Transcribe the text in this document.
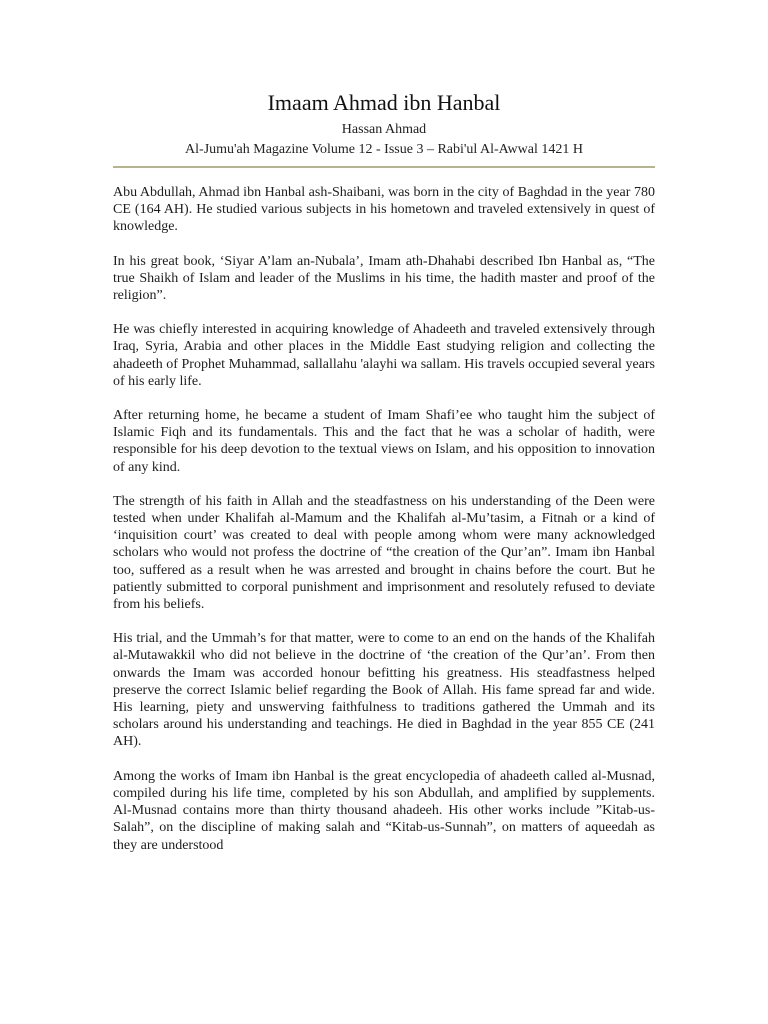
Imaam Ahmad ibn Hanbal

Hassan Ahmad

Al-Jumu'ah Magazine Volume 12 - Issue 3 – Rabi'ul Al-Awwal 1421 H

Abu Abdullah, Ahmad ibn Hanbal ash-Shaibani, was born in the city of Baghdad in the year 780 CE (164 AH). He studied various subjects in his hometown and traveled extensively in quest of knowledge.

In his great book, ‘Siyar A’lam an-Nubala’, Imam ath-Dhahabi described Ibn Hanbal as, “The true Shaikh of Islam and leader of the Muslims in his time, the hadith master and proof of the religion”.

He was chiefly interested in acquiring knowledge of Ahadeeth and traveled extensively through Iraq, Syria, Arabia and other places in the Middle East studying religion and collecting the ahadeeth of Prophet Muhammad, sallallahu 'alayhi wa sallam. His travels occupied several years of his early life.

After returning home, he became a student of Imam Shafi’ee who taught him the subject of Islamic Fiqh and its fundamentals. This and the fact that he was a scholar of hadith, were responsible for his deep devotion to the textual views on Islam, and his opposition to innovation of any kind.

The strength of his faith in Allah and the steadfastness on his understanding of the Deen were tested when under Khalifah al-Mamum and the Khalifah al-Mu’tasim, a Fitnah or a kind of ‘inquisition court’ was created to deal with people among whom were many acknowledged scholars who would not profess the doctrine of “the creation of the Qur’an”. Imam ibn Hanbal too, suffered as a result when he was arrested and brought in chains before the court. But he patiently submitted to corporal punishment and imprisonment and resolutely refused to deviate from his beliefs.

His trial, and the Ummah’s for that matter, were to come to an end on the hands of the Khalifah al-Mutawakkil who did not believe in the doctrine of ‘the creation of the Qur’an’. From then onwards the Imam was accorded honour befitting his greatness. His steadfastness helped preserve the correct Islamic belief regarding the Book of Allah. His fame spread far and wide. His learning, piety and unswerving faithfulness to traditions gathered the Ummah and its scholars around his understanding and teachings. He died in Baghdad in the year 855 CE (241 AH).

Among the works of Imam ibn Hanbal is the great encyclopedia of ahadeeth called al-Musnad, compiled during his life time, completed by his son Abdullah, and amplified by supplements. Al-Musnad contains more than thirty thousand ahadeeh. His other works include ”Kitab-us-Salah”, on the discipline of making salah and “Kitab-us-Sunnah”, on matters of aqueedah as they are understood
